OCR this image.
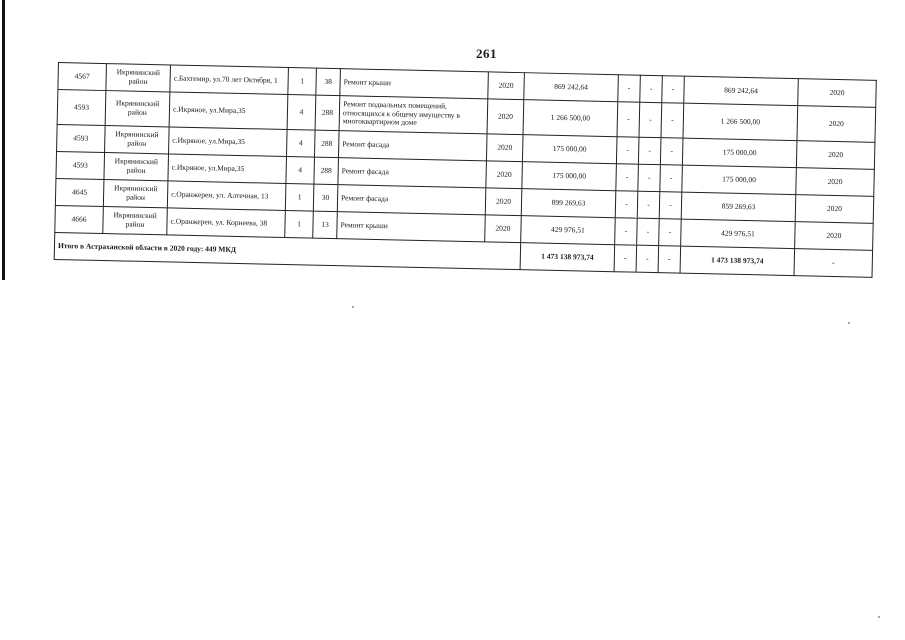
261
4567	Икрянинский район	с.Бахтемир, ул.70 лет Октября, 1	1	38	Ремонт крыши	2020	869 242,64	-	-	-	869 242,64	2020
4593	Икрянинский район	с.Икряное, ул.Мира,35	4	288	Ремонт подвальных помещений, относящихся к общему имуществу в многоквартирном доме	2020	1 266 500,00	-	-	-	1 266 500,00	2020
4593	Икрянинский район	с.Икряное, ул.Мира,35	4	288	Ремонт фасада	2020	175 000,00	-	-	-	175 000,00	2020
4593	Икрянинский район	с.Икряное, ул.Мира,35	4	288	Ремонт фасада	2020	175 000,00	-	-	-	175 000,00	2020
4645	Икрянинский район	с.Оранжереи, ул. Алтечная, 13	1	30	Ремонт фасада	2020	899 269,63	-	-	-	859 269,63	2020
4666	Икрянинский район	с.Оранжереи, ул. Корнеева, 38	1	13	Ремонт крыши	2020	429 976,51	-	-	-	429 976,51	2020
Итого в Астраханской области в 2020 году: 449 МКД							1 473 138 973,74	-	-	-	1 473 138 973,74	-
